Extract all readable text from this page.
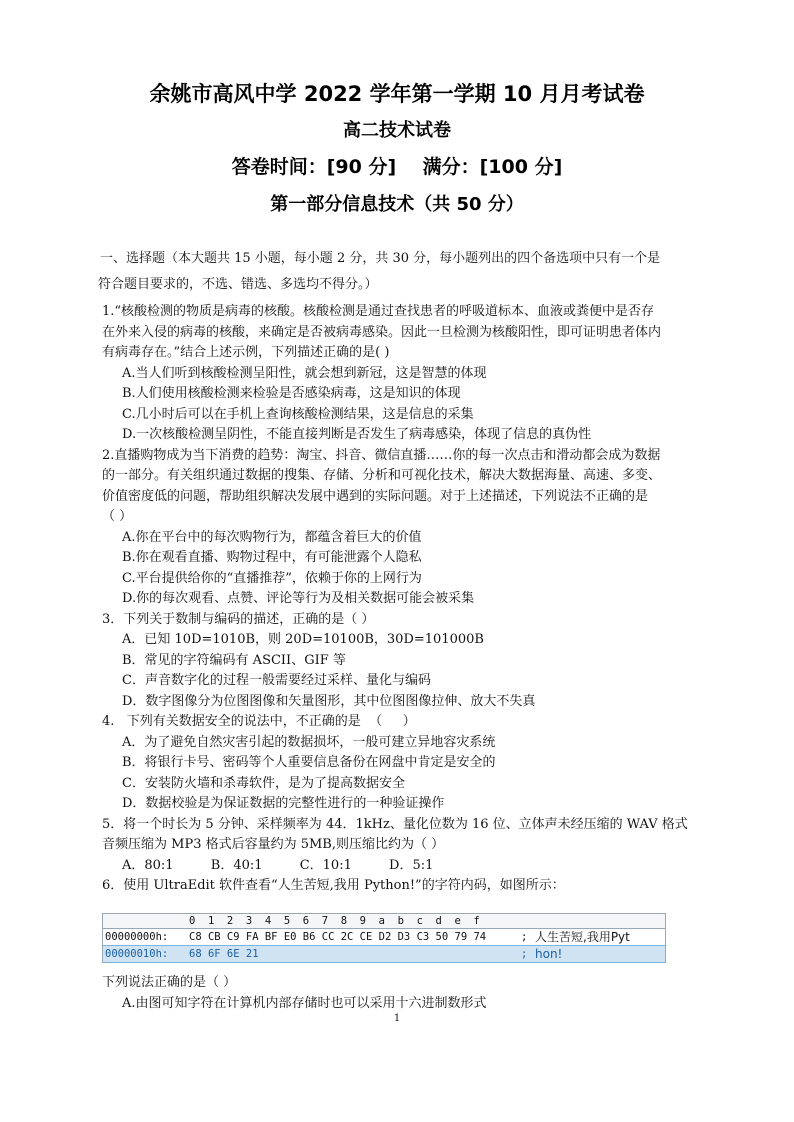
余姚市高风中学 2022 学年第一学期 10 月月考试卷
高二技术试卷
答卷时间：[90 分]    满分：[100 分]
第一部分信息技术（共 50 分）
一、选择题（本大题共 15 小题，每小题 2 分，共 30 分，每小题列出的四个备选项中只有一个是
符合题目要求的，不选、错选、多选均不得分。）
1.“核酸检测的物质是病毒的核酸。核酸检测是通过查找患者的呼吸道标本、血液或粪便中是否存
在外来入侵的病毒的核酸，来确定是否被病毒感染。因此一旦检测为核酸阳性，即可证明患者体内
有病毒存在。”结合上述示例，下列描述正确的是( )
A.当人们听到核酸检测呈阳性，就会想到新冠，这是智慧的体现
B.人们使用核酸检测来检验是否感染病毒，这是知识的体现
C.几小时后可以在手机上查询核酸检测结果，这是信息的采集
D.一次核酸检测呈阴性，不能直接判断是否发生了病毒感染，体现了信息的真伪性
2.直播购物成为当下消费的趋势：淘宝、抖音、微信直播……你的每一次点击和滑动都会成为数据
的一部分。有关组织通过数据的搜集、存储、分析和可视化技术，解决大数据海量、高速、多变、
价值密度低的问题，帮助组织解决发展中遇到的实际问题。对于上述描述，下列说法不正确的是
（ ）
A.你在平台中的每次购物行为，都蕴含着巨大的价值
B.你在观看直播、购物过程中，有可能泄露个人隐私
C.平台提供给你的“直播推荐”，依赖于你的上网行为
D.你的每次观看、点赞、评论等行为及相关数据可能会被采集
3．下列关于数制与编码的描述，正确的是（ ）
A．已知 10D=1010B，则 20D=10100B，30D=101000B
B．常见的字符编码有 ASCII、GIF 等
C．声音数字化的过程一般需要经过采样、量化与编码
D．数字图像分为位图图像和矢量图形，其中位图图像拉伸、放大不失真
4.   下列有关数据安全的说法中，不正确的是  （     ）
A．为了避免自然灾害引起的数据损坏，一般可建立异地容灾系统
B．将银行卡号、密码等个人重要信息备份在网盘中肯定是安全的
C．安装防火墙和杀毒软件，是为了提高数据安全
D．数据校验是为保证数据的完整性进行的一种验证操作
5．将一个时长为 5 分钟、采样频率为 44．1kHz、量化位数为 16 位、立体声未经压缩的 WAV 格式
音频压缩为 MP3 格式后容量约为 5MB,则压缩比约为（ ）
A．80:1         B．40:1         C．10:1         D．5:1
6．使用 UltraEdit 软件查看“人生苦短,我用 Python!”的字符内码，如图所示：
0  1  2  3  4  5  6  7  8  9  a  b  c  d  e  f
00000000h: C8 CB C9 FA BF E0 B6 CC 2C CE D2 D3 C3 50 79 74	; 人生苦短,我用Pyt
00000010h: 68 6F 6E 21	; hon!
下列说法正确的是（ ）
A.由图可知字符在计算机内部存储时也可以采用十六进制数形式
1
